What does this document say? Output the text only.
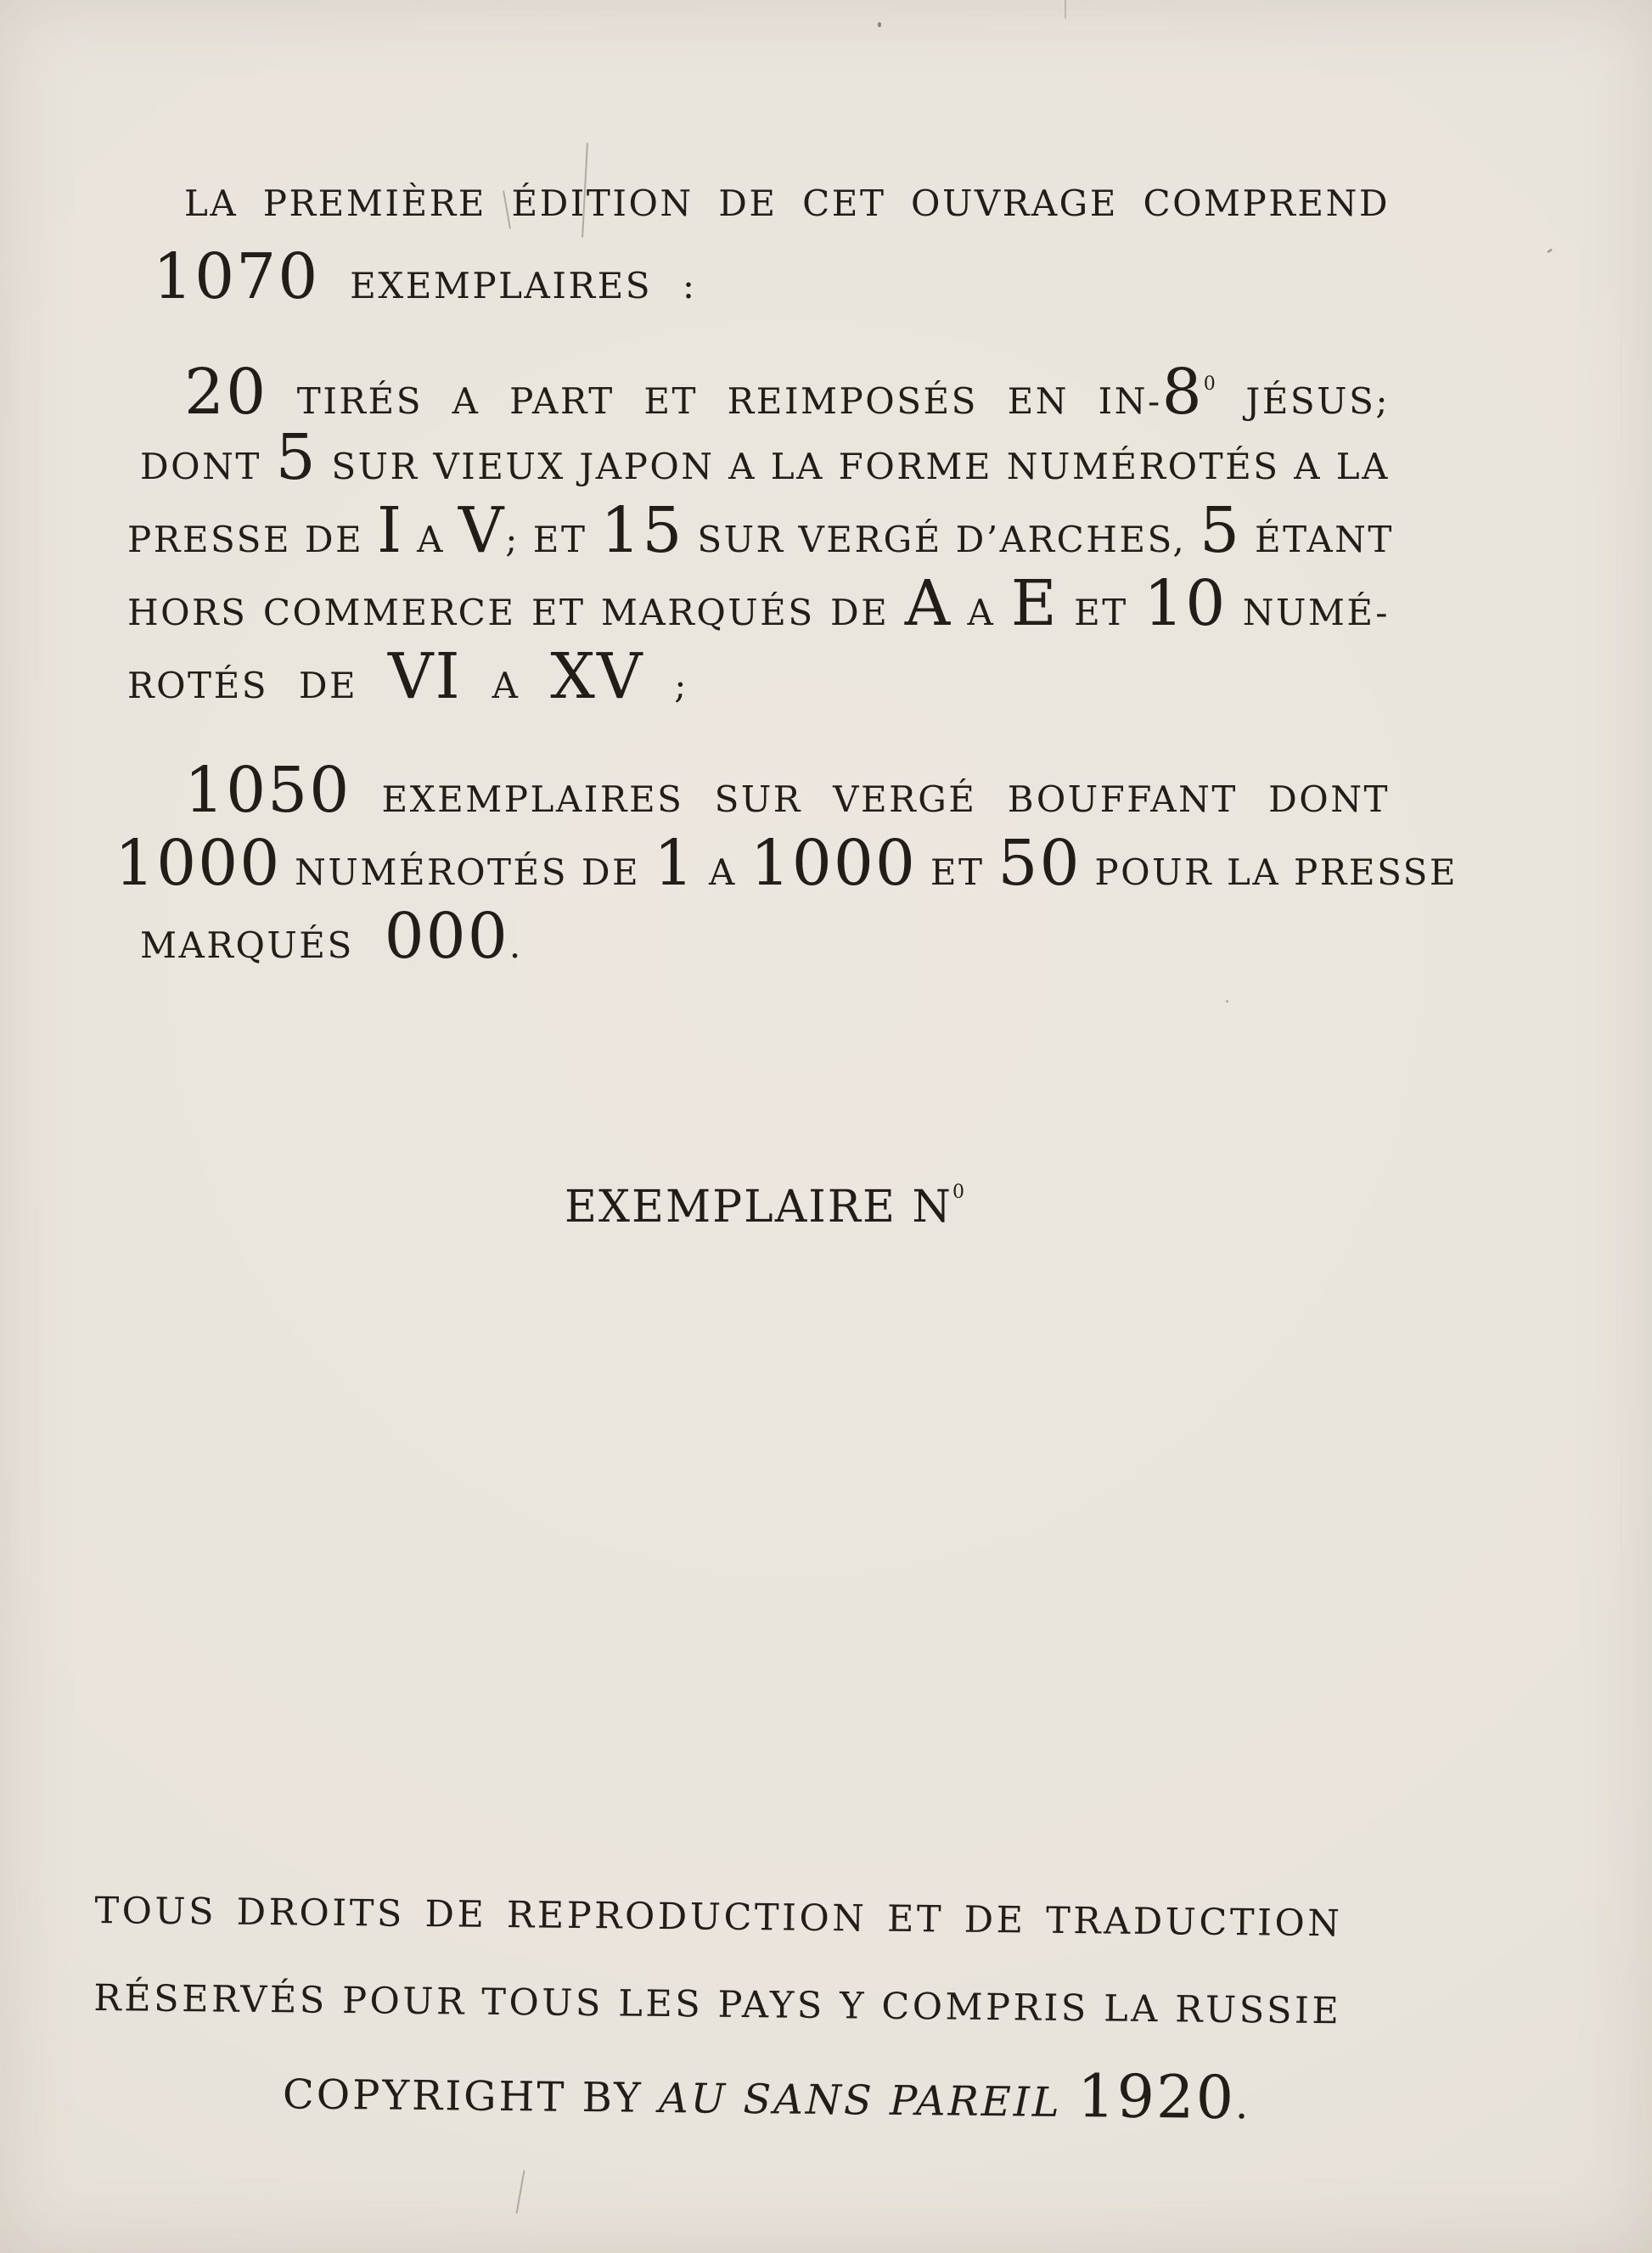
LA PREMIÈRE ÉDITION DE CET OUVRAGE COMPREND
1070 EXEMPLAIRES :
20 TIRÉS A PART ET REIMPOSÉS EN $IN-8^0$ JÉSUS;
DONT 5 SUR VIEUX JAPON A LA FORME NUMÉROTÉS A LA
PRESSE DE I A V; ET 15 SUR VERGÉ D’ARCHES, 5 ÉTANT
HORS COMMERCE ET MARQUÉS DE A A E ET 10 NUMÉ-
ROTÉS DE VI A XV ;
1050 EXEMPLAIRES SUR VERGÉ BOUFFANT DONT
1000 NUMÉROTÉS DE 1 A 1000 ET 50 POUR LA PRESSE
MARQUÉS 000.
EXEMPLAIRE $N^0$
TOUS DROITS DE REPRODUCTION ET DE TRADUCTION
RÉSERVÉS POUR TOUS LES PAYS Y COMPRIS LA RUSSIE
COPYRIGHT BY AU SANS PAREIL 1920.
